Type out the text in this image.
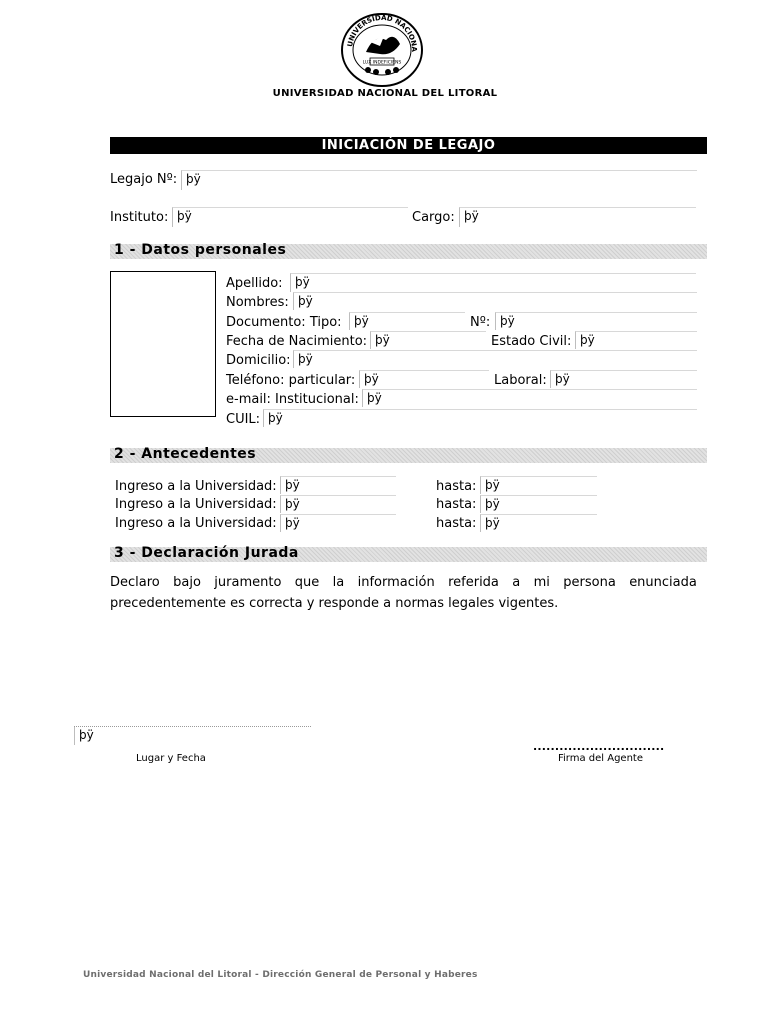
UNIVERSIDAD NACIONA
LUX INDEFICIENS
UNIVERSIDAD NACIONAL DEL LITORAL
INICIACIÓN DE LEGAJO
Legajo Nº: þÿ
Instituto: þÿ	Cargo: þÿ
1 - Datos personales
Apellido:	þÿ
Nombres: þÿ
Documento: Tipo:	þÿ	Nº: þÿ
Fecha de Nacimiento: þÿ	Estado Civil: þÿ
Domicilio: þÿ
Teléfono: particular: þÿ	Laboral: þÿ
e-mail: Institucional: þÿ
CUIL: þÿ
2 - Antecedentes
Ingreso a la Universidad: þÿ	hasta: þÿ
Ingreso a la Universidad: þÿ	hasta: þÿ
Ingreso a la Universidad: þÿ	hasta: þÿ
3 - Declaración Jurada
Declaro bajo juramento que la información referida a mi persona enunciada
precedentemente es correcta y responde a normas legales vigentes.
þÿ
Lugar y Fecha
..............................
Firma del Agente
Universidad Nacional del Litoral - Dirección General de Personal y Haberes
